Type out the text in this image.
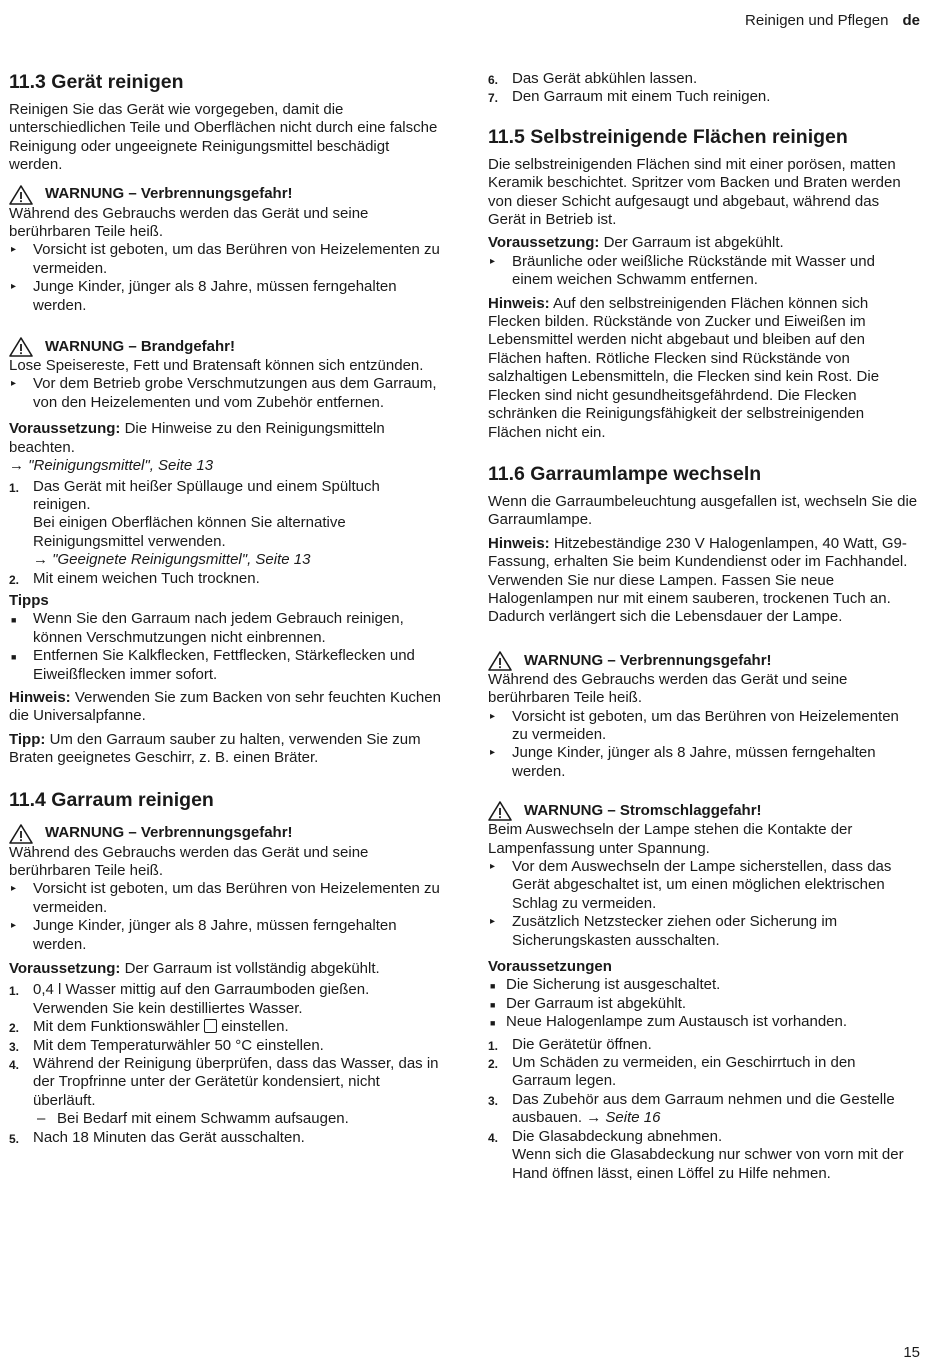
Reinigen und Pflegen de
11.3 Gerät reinigen

Reinigen Sie das Gerät wie vorgegeben, damit die unterschiedlichen Teile und Oberflächen nicht durch eine falsche Reinigung oder ungeeignete Reinigungsmittel beschädigt werden.

WARNUNG – Verbrennungsgefahr!
Während des Gebrauchs werden das Gerät und seine berührbaren Teile heiß.
▸ Vorsicht ist geboten, um das Berühren von Heizelementen zu vermeiden.
▸ Junge Kinder, jünger als 8 Jahre, müssen ferngehalten werden.
WARNUNG – Brandgefahr!
Lose Speisereste, Fett und Bratensaft können sich entzünden.
▸ Vor dem Betrieb grobe Verschmutzungen aus dem Garraum, von den Heizelementen und vom Zubehör entfernen.

Voraussetzung: Die Hinweise zu den Reinigungsmitteln beachten.

→ "Reinigungsmittel", Seite 13
1. Das Gerät mit heißer Spüllauge und einem Spültuch reinigen.
Bei einigen Oberflächen können Sie alternative Reinigungsmittel verwenden.
→ "Geeignete Reinigungsmittel", Seite 13
2. Mit einem weichen Tuch trocknen.
Tipps
■ Wenn Sie den Garraum nach jedem Gebrauch reinigen, können Verschmutzungen nicht einbrennen.
■ Entfernen Sie Kalkflecken, Fettflecken, Stärkeflecken und Eiweißflecken immer sofort.

Hinweis: Verwenden Sie zum Backen von sehr feuchten Kuchen die Universalpfanne.

Tipp: Um den Garraum sauber zu halten, verwenden Sie zum Braten geeignetes Geschirr, z. B. einen Bräter.

11.4 Garraum reinigen
WARNUNG – Verbrennungsgefahr!
Während des Gebrauchs werden das Gerät und seine berührbaren Teile heiß.
▸ Vorsicht ist geboten, um das Berühren von Heizelementen zu vermeiden.
▸ Junge Kinder, jünger als 8 Jahre, müssen ferngehalten werden.

Voraussetzung: Der Garraum ist vollständig abgekühlt.

1. 0,4 l Wasser mittig auf den Garraumboden gießen. Verwenden Sie kein destilliertes Wasser.
2. Mit dem Funktionswähler einstellen.
3. Mit dem Temperaturwähler 50 °C einstellen.
4. Während der Reinigung überprüfen, dass das Wasser, das in der Tropfrinne unter der Gerätetür kondensiert, nicht überläuft.
– Bei Bedarf mit einem Schwamm aufsaugen.
5. Nach 18 Minuten das Gerät ausschalten.
6. Das Gerät abkühlen lassen.
7. Den Garraum mit einem Tuch reinigen.
11.5 Selbstreinigende Flächen reinigen

Die selbstreinigenden Flächen sind mit einer porösen, matten Keramik beschichtet. Spritzer vom Backen und Braten werden von dieser Schicht aufgesaugt und abgebaut, während das Gerät in Betrieb ist.

Voraussetzung: Der Garraum ist abgekühlt.

▸ Bräunliche oder weißliche Rückstände mit Wasser und einem weichen Schwamm entfernen.

Hinweis: Auf den selbstreinigenden Flächen können sich Flecken bilden. Rückstände von Zucker und Eiweißen im Lebensmittel werden nicht abgebaut und bleiben auf den Flächen haften. Rötliche Flecken sind Rückstände von salzhaltigen Lebensmitteln, die Flecken sind kein Rost. Die Flecken sind nicht gesundheitsgefährdend. Die Flecken schränken die Reinigungsfähigkeit der selbstreinigenden Flächen nicht ein.

11.6 Garraumlampe wechseln

Wenn die Garraumbeleuchtung ausgefallen ist, wechseln Sie die Garraumlampe.

Hinweis: Hitzebeständige 230 V Halogenlampen, 40 Watt, G9-Fassung, erhalten Sie beim Kundendienst oder im Fachhandel. Verwenden Sie nur diese Lampen. Fassen Sie neue Halogenlampen nur mit einem sauberen, trockenen Tuch an. Dadurch verlängert sich die Lebensdauer der Lampe.

WARNUNG – Verbrennungsgefahr!
Während des Gebrauchs werden das Gerät und seine berührbaren Teile heiß.
▸ Vorsicht ist geboten, um das Berühren von Heizelementen zu vermeiden.
▸ Junge Kinder, jünger als 8 Jahre, müssen ferngehalten werden.
WARNUNG – Stromschlaggefahr!
Beim Auswechseln der Lampe stehen die Kontakte der Lampenfassung unter Spannung.
▸ Vor dem Auswechseln der Lampe sicherstellen, dass das Gerät abgeschaltet ist, um einen möglichen elektrischen Schlag zu vermeiden.
▸ Zusätzlich Netzstecker ziehen oder Sicherung im Sicherungskasten ausschalten.
Voraussetzungen
■ Die Sicherung ist ausgeschaltet.
■ Der Garraum ist abgekühlt.
■ Neue Halogenlampe zum Austausch ist vorhanden.
1. Die Gerätetür öffnen.
2. Um Schäden zu vermeiden, ein Geschirrtuch in den Garraum legen.
3. Das Zubehör aus dem Garraum nehmen und die Gestelle ausbauen. → Seite 16
4. Die Glasabdeckung abnehmen.
Wenn sich die Glasabdeckung nur schwer von vorn mit der Hand öffnen lässt, einen Löffel zu Hilfe nehmen.
15
